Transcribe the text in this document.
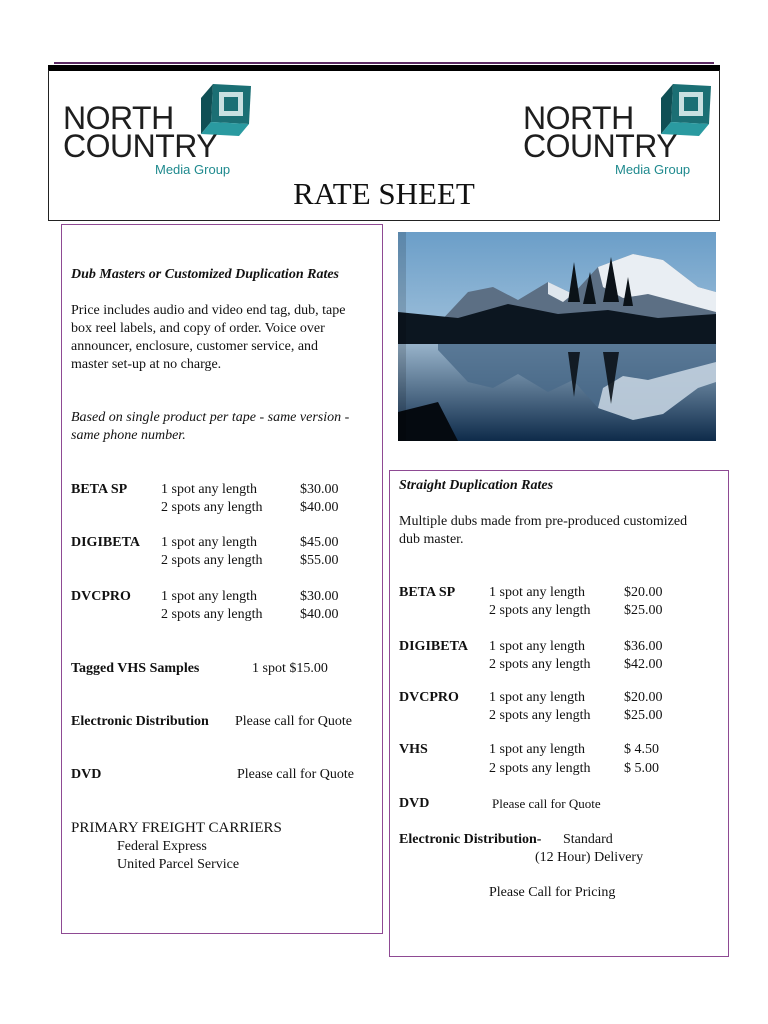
NORTH
COUNTRY
Media Group
NORTH
COUNTRY
Media Group
RATE SHEET
Dub Masters or Customized Duplication Rates
Price includes audio and video end tag, dub, tape
box reel labels, and copy of order. Voice over
announcer, enclosure, customer service, and
master set-up at no charge.
Based on single product per tape - same version -
same phone number.
BETA SP 1 spot any length	$30.00
2 spots any length	$40.00
DIGIBETA 1 spot any length	$45.00
2 spots any length	$55.00
DVCPRO 1 spot any length	$30.00
2 spots any length	$40.00
Tagged VHS Samples	1 spot $15.00
Electronic Distribution Please call for Quote
DVD	Please call for Quote
PRIMARY FREIGHT CARRIERS
Federal Express
United Parcel Service
Straight Duplication Rates
Multiple dubs made from pre-produced customized
dub master.
BETA SP 1 spot any length	$20.00
2 spots any length $25.00
DIGIBETA 1 spot any length	$36.00
2 spots any length $42.00
DVCPRO 1 spot any length	$20.00
2 spots any length $25.00
VHS	1 spot any length	$ 4.50
2 spots any length $ 5.00
DVD	Please call for Quote
Electronic Distribution- Standard
(12 Hour) Delivery
Please Call for Pricing
